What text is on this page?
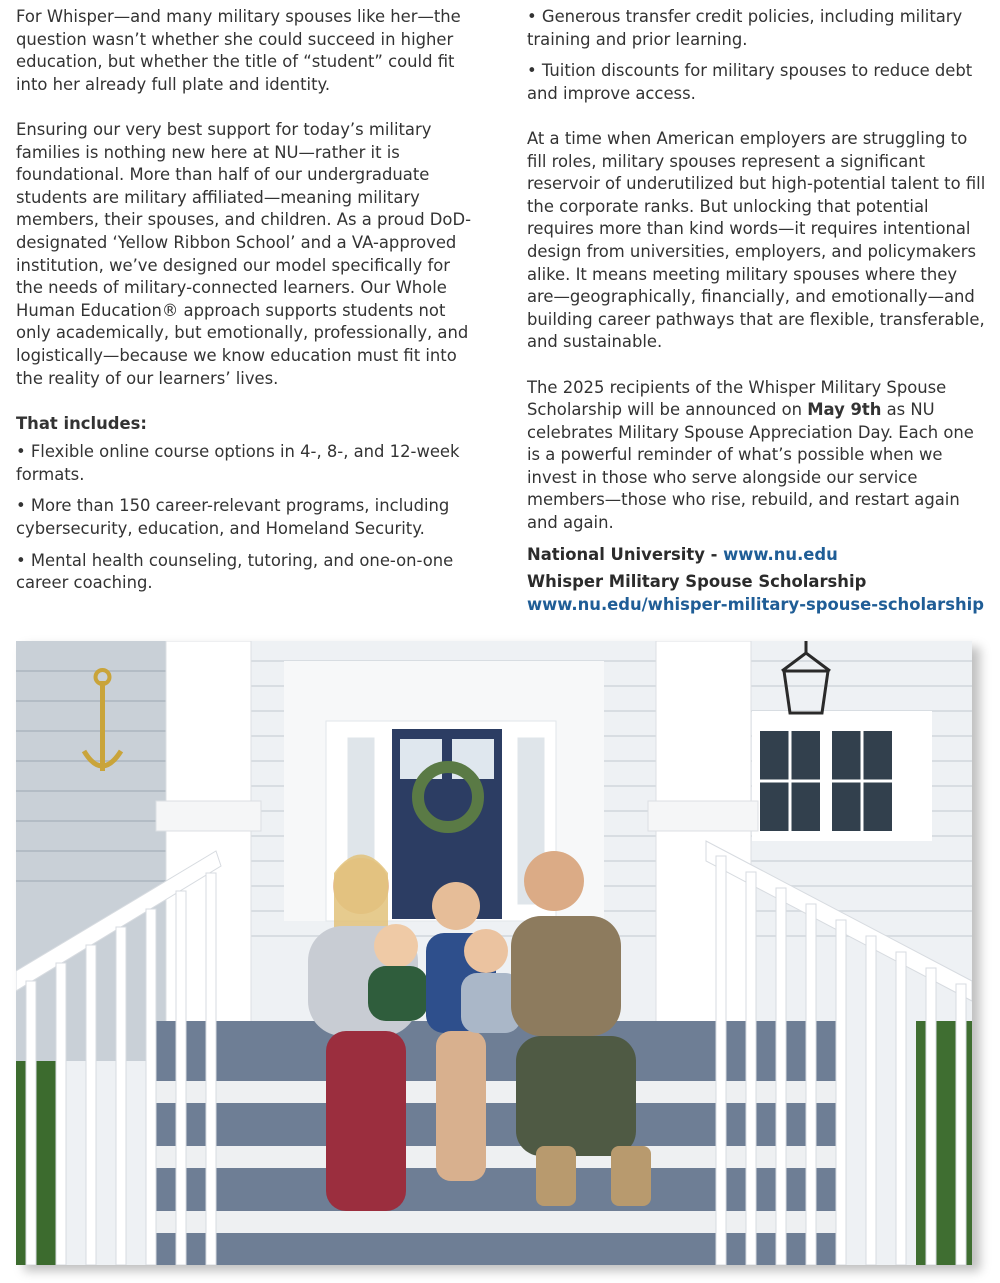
For Whisper—and many military spouses like her—the question wasn’t whether she could succeed in higher education, but whether the title of “student” could fit into her already full plate and identity.

Ensuring our very best support for today’s military families is nothing new here at NU—rather it is foundational. More than half of our undergraduate students are military affiliated—meaning military members, their spouses, and children. As a proud DoD-designated ‘Yellow Ribbon School’ and a VA-approved institution, we’ve designed our model specifically for the needs of military-connected learners. Our Whole Human Education® approach supports students not only academically, but emotionally, professionally, and logistically—because we know education must fit into the reality of our learners’ lives.

That includes:

• Flexible online course options in 4-, 8-, and 12-week formats.

• More than 150 career-relevant programs, including cybersecurity, education, and Homeland Security.

• Mental health counseling, tutoring, and one-on-one career coaching.

• Generous transfer credit policies, including military training and prior learning.

• Tuition discounts for military spouses to reduce debt and improve access.

At a time when American employers are struggling to fill roles, military spouses represent a significant reservoir of underutilized but high-potential talent to fill the corporate ranks. But unlocking that potential requires more than kind words—it requires intentional design from universities, employers, and policymakers alike. It means meeting military spouses where they are—geographically, financially, and emotionally—and building career pathways that are flexible, transferable, and sustainable.

The 2025 recipients of the Whisper Military Spouse Scholarship will be announced on May 9th as NU celebrates Military Spouse Appreciation Day. Each one is a powerful reminder of what’s possible when we invest in those who serve alongside our service members—those who rise, rebuild, and restart again and again.

National University - www.nu.edu

Whisper Military Spouse Scholarship

www.nu.edu/whisper-military-spouse-scholarship
